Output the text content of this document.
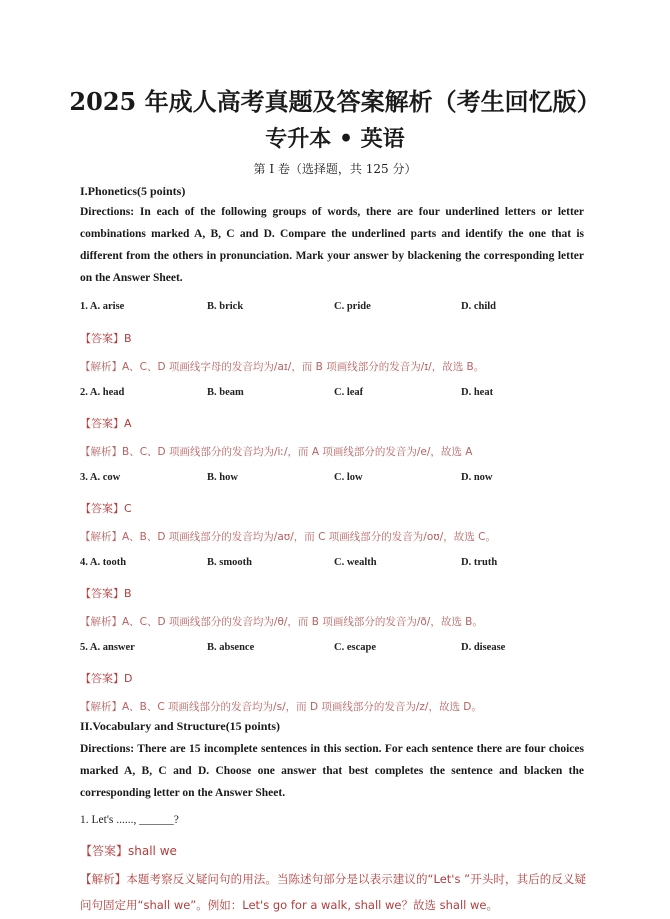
2025 年成人高考真题及答案解析（考生回忆版）
专升本 • 英语
第 I 卷（选择题，共 125 分）
I.Phonetics(5 points)
Directions: In each of the following groups of words, there are four underlined letters or letter combinations marked A, B, C and D. Compare the underlined parts and identify the one that is different from the others in pronunciation. Mark your answer by blackening the corresponding letter on the Answer Sheet.
1. A. arise	B. brick	C. pride	D. child
【答案】B
【解析】A、C、D 项画线字母的发音均为/aɪ/，而 B 项画线部分的发音为/ɪ/，故选 B。
2. A. head	B. beam	C. leaf	D. heat
【答案】A
【解析】B、C、D 项画线部分的发音均为/iː/，而 A 项画线部分的发音为/e/，故选 A
3. A. cow	B. how	C. low	D. now
【答案】C
【解析】A、B、D 项画线部分的发音均为/aʊ/，而 C 项画线部分的发音为/oʊ/，故选 C。
4. A. tooth	B. smooth	C. wealth	D. truth
【答案】B
【解析】A、C、D 项画线部分的发音均为/θ/，而 B 项画线部分的发音为/ð/，故选 B。
5. A. answer	B. absence	C. escape	D. disease
【答案】D
【解析】A、B、C 项画线部分的发音均为/s/，而 D 项画线部分的发音为/z/，故选 D。
II.Vocabulary and Structure(15 points)
Directions: There are 15 incomplete sentences in this section. For each sentence there are four choices marked A, B, C and D. Choose one answer that best completes the sentence and blacken the corresponding letter on the Answer Sheet.
1. Let's ......, ______?
【答案】shall we
【解析】本题考察反义疑问句的用法。当陈述句部分是以表示建议的“Let's ”开头时，其后的反义疑问句固定用“shall we”。例如：Let's go for a walk, shall we？故选 shall we。
